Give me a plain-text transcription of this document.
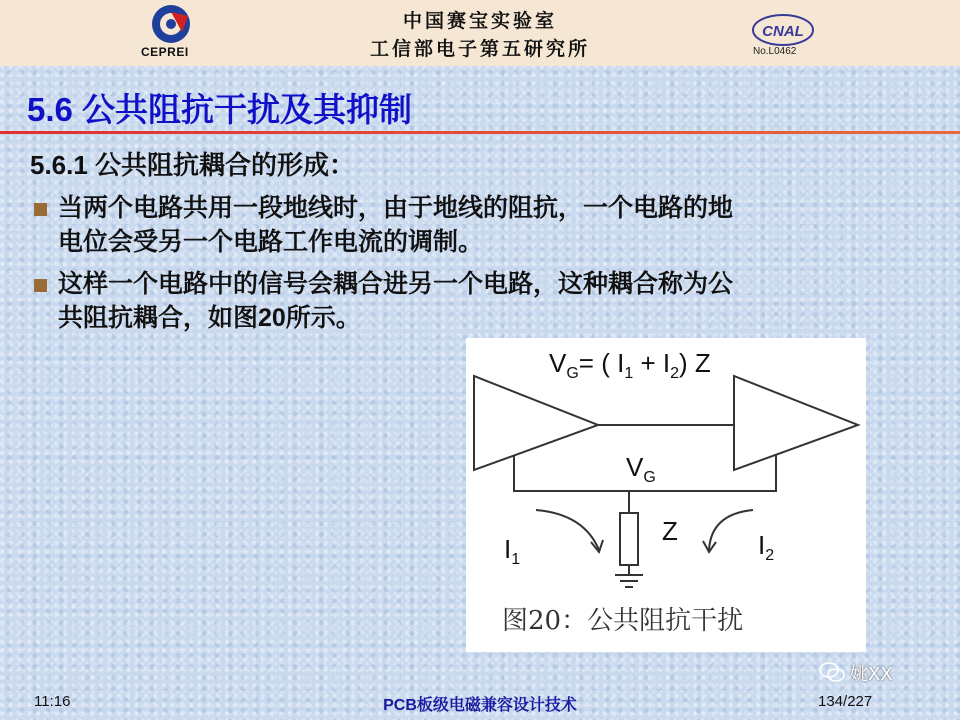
CEPREI
中国赛宝实验室
工信部电子第五研究所
CNAL
No.L0462
5.6 公共阻抗干扰及其抑制
5.6.1 公共阻抗耦合的形成：
当两个电路共用一段地线时，由于地线的阻抗，一个电路的地
电位会受另一个电路工作电流的调制。
这样一个电路中的信号会耦合进另一个电路，这种耦合称为公
共阻抗耦合，如图20所示。
$V_G=$ ( $I_1 + I_2$) Z
$V_G$
Z
$I_1$	$I_2$
图20：公共阻抗干扰
姚XX
11:16	PCB板级电磁兼容设计技术	134/227
